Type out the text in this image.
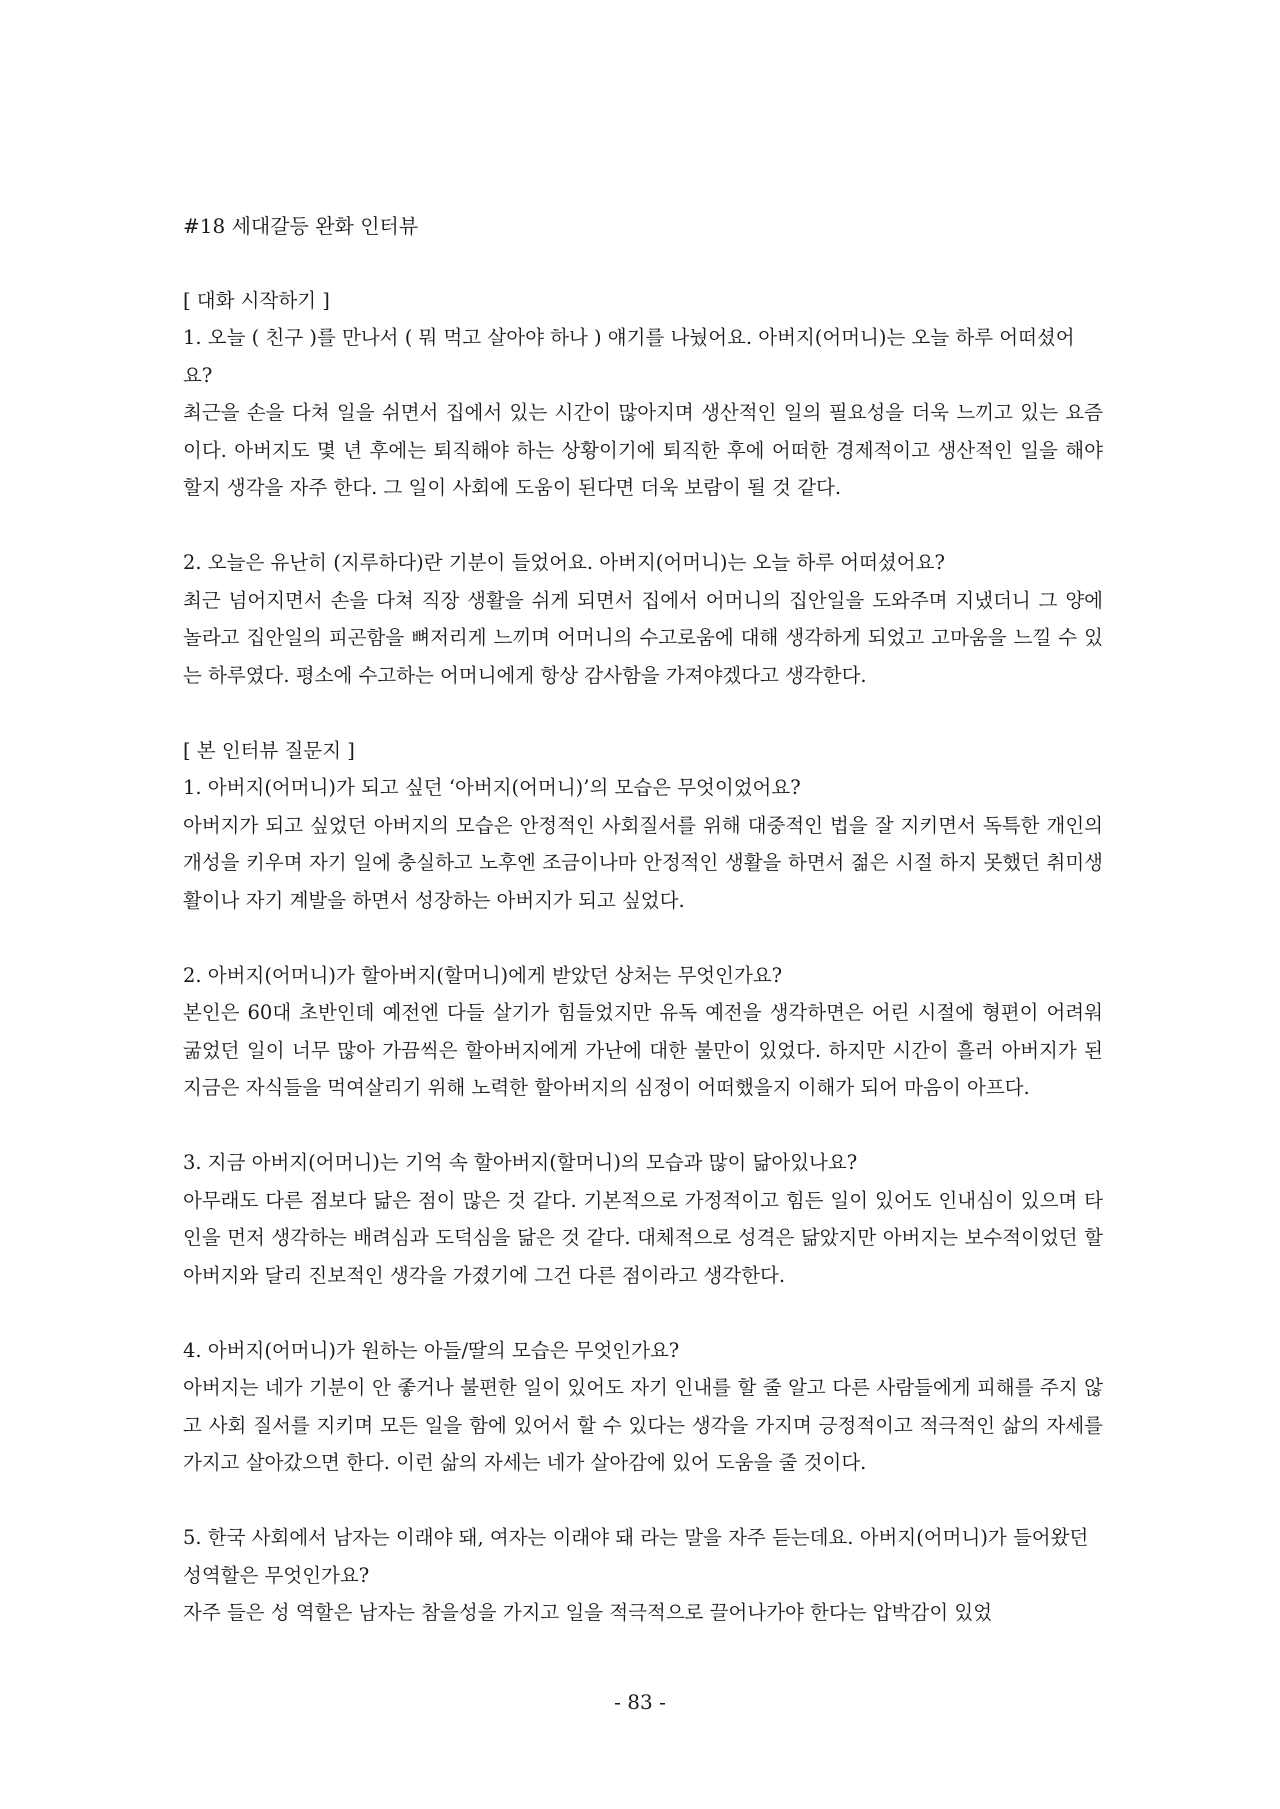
#18 세대갈등 완화 인터뷰

[ 대화 시작하기 ]

1. 오늘 ( 친구 )를 만나서 ( 뭐 먹고 살아야 하나 ) 얘기를 나눴어요. 아버지(어머니)는 오늘 하루 어떠셨어요?

최근을 손을 다쳐 일을 쉬면서 집에서 있는 시간이 많아지며 생산적인 일의 필요성을 더욱 느끼고 있는 요즘이다. 아버지도 몇 년 후에는 퇴직해야 하는 상황이기에 퇴직한 후에 어떠한 경제적이고 생산적인 일을 해야 할지 생각을 자주 한다. 그 일이 사회에 도움이 된다면 더욱 보람이 될 것 같다.

2. 오늘은 유난히 (지루하다)란 기분이 들었어요. 아버지(어머니)는 오늘 하루 어떠셨어요?

최근 넘어지면서 손을 다쳐 직장 생활을 쉬게 되면서 집에서 어머니의 집안일을 도와주며 지냈더니 그 양에 놀라고 집안일의 피곤함을 뼈저리게 느끼며 어머니의 수고로움에 대해 생각하게 되었고 고마움을 느낄 수 있는 하루였다. 평소에 수고하는 어머니에게 항상 감사함을 가져야겠다고 생각한다.

[ 본 인터뷰 질문지 ]

1. 아버지(어머니)가 되고 싶던 ‘아버지(어머니)’의 모습은 무엇이었어요?

아버지가 되고 싶었던 아버지의 모습은 안정적인 사회질서를 위해 대중적인 법을 잘 지키면서 독특한 개인의 개성을 키우며 자기 일에 충실하고 노후엔 조금이나마 안정적인 생활을 하면서 젊은 시절 하지 못했던 취미생활이나 자기 계발을 하면서 성장하는 아버지가 되고 싶었다.

2. 아버지(어머니)가 할아버지(할머니)에게 받았던 상처는 무엇인가요?

본인은 60대 초반인데 예전엔 다들 살기가 힘들었지만 유독 예전을 생각하면은 어린 시절에 형편이 어려워 굶었던 일이 너무 많아 가끔씩은 할아버지에게 가난에 대한 불만이 있었다. 하지만 시간이 흘러 아버지가 된 지금은 자식들을 먹여살리기 위해 노력한 할아버지의 심정이 어떠했을지 이해가 되어 마음이 아프다.

3. 지금 아버지(어머니)는 기억 속 할아버지(할머니)의 모습과 많이 닮아있나요?

아무래도 다른 점보다 닮은 점이 많은 것 같다. 기본적으로 가정적이고 힘든 일이 있어도 인내심이 있으며 타인을 먼저 생각하는 배려심과 도덕심을 닮은 것 같다. 대체적으로 성격은 닮았지만 아버지는 보수적이었던 할아버지와 달리 진보적인 생각을 가졌기에 그건 다른 점이라고 생각한다.

4. 아버지(어머니)가 원하는 아들/딸의 모습은 무엇인가요?

아버지는 네가 기분이 안 좋거나 불편한 일이 있어도 자기 인내를 할 줄 알고 다른 사람들에게 피해를 주지 않고 사회 질서를 지키며 모든 일을 함에 있어서 할 수 있다는 생각을 가지며 긍정적이고 적극적인 삶의 자세를 가지고 살아갔으면 한다. 이런 삶의 자세는 네가 살아감에 있어 도움을 줄 것이다.

5. 한국 사회에서 남자는 이래야 돼, 여자는 이래야 돼 라는 말을 자주 듣는데요. 아버지(어머니)가 들어왔던 성역할은 무엇인가요?

자주 들은 성 역할은 남자는 참을성을 가지고 일을 적극적으로 끌어나가야 한다는 압박감이 있었

- 83 -
